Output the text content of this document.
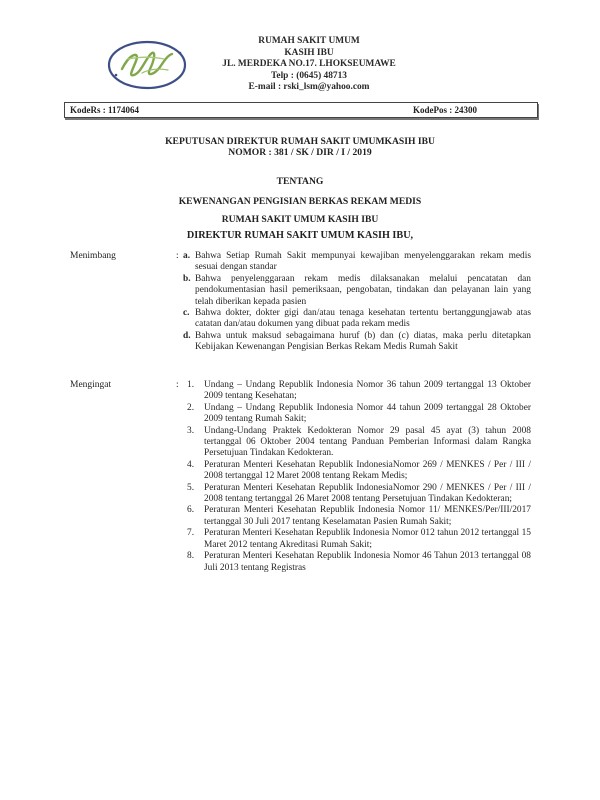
RUMAH SAKIT UMUM
KASIH IBU
JL. MERDEKA NO.17. LHOKSEUMAWE
Telp : (0645) 48713
E-mail : rski_lsm@yahoo.com
KodeRs : 1174064	KodePos : 24300
KEPUTUSAN DIREKTUR RUMAH SAKIT UMUMKASIH IBU
NOMOR : 381 / SK / DIR / I / 2019
TENTANG
KEWENANGAN PENGISIAN BERKAS REKAM MEDIS
RUMAH SAKIT UMUM KASIH IBU
DIREKTUR RUMAH SAKIT UMUM KASIH IBU,
Menimbang	: a. Bahwa Setiap Rumah Sakit mempunyai kewajiban menyelenggarakan rekam medis sesuai dengan standar
b. Bahwa penyelenggaraan rekam medis dilaksanakan melalui pencatatan dan pendokumentasian hasil pemeriksaan, pengobatan, tindakan dan pelayanan lain yang telah diberikan kepada pasien
c. Bahwa dokter, dokter gigi dan/atau tenaga kesehatan tertentu bertanggungjawab atas catatan dan/atau dokumen yang dibuat pada rekam medis
d. Bahwa untuk maksud sebagaimana huruf (b) dan (c) diatas, maka perlu ditetapkan Kebijakan Kewenangan Pengisian Berkas Rekam Medis Rumah Sakit
Mengingat	: 1. Undang – Undang Republik Indonesia Nomor 36 tahun 2009 tertanggal 13 Oktober 2009 tentang Kesehatan;
2. Undang – Undang Republik Indonesia Nomor 44 tahun 2009 tertanggal 28 Oktober 2009 tentang Rumah Sakit;
3. Undang-Undang Praktek Kedokteran Nomor 29 pasal 45 ayat (3) tahun 2008 tertanggal 06 Oktober 2004 tentang Panduan Pemberian Informasi dalam Rangka Persetujuan Tindakan Kedokteran.
4. Peraturan Menteri Kesehatan Republik IndonesiaNomor 269 / MENKES / Per / III / 2008 tertanggal 12 Maret 2008 tentang Rekam Medis;
5. Peraturan Menteri Kesehatan Republik IndonesiaNomor 290 / MENKES / Per / III / 2008 tentang tertanggal 26 Maret 2008 tentang Persetujuan Tindakan Kedokteran;
6. Peraturan Menteri Kesehatan Republik Indonesia Nomor 11/ MENKES/Per/III/2017 tertanggal 30 Juli 2017 tentang Keselamatan Pasien Rumah Sakit;
7. Peraturan Menteri Kesehatan Republik Indonesia Nomor 012 tahun 2012 tertanggal 15 Maret 2012 tentang Akreditasi Rumah Sakit;
8. Peraturan Menteri Kesehatan Republik Indonesia Nomor 46 Tahun 2013 tertanggal 08 Juli 2013 tentang Registras
